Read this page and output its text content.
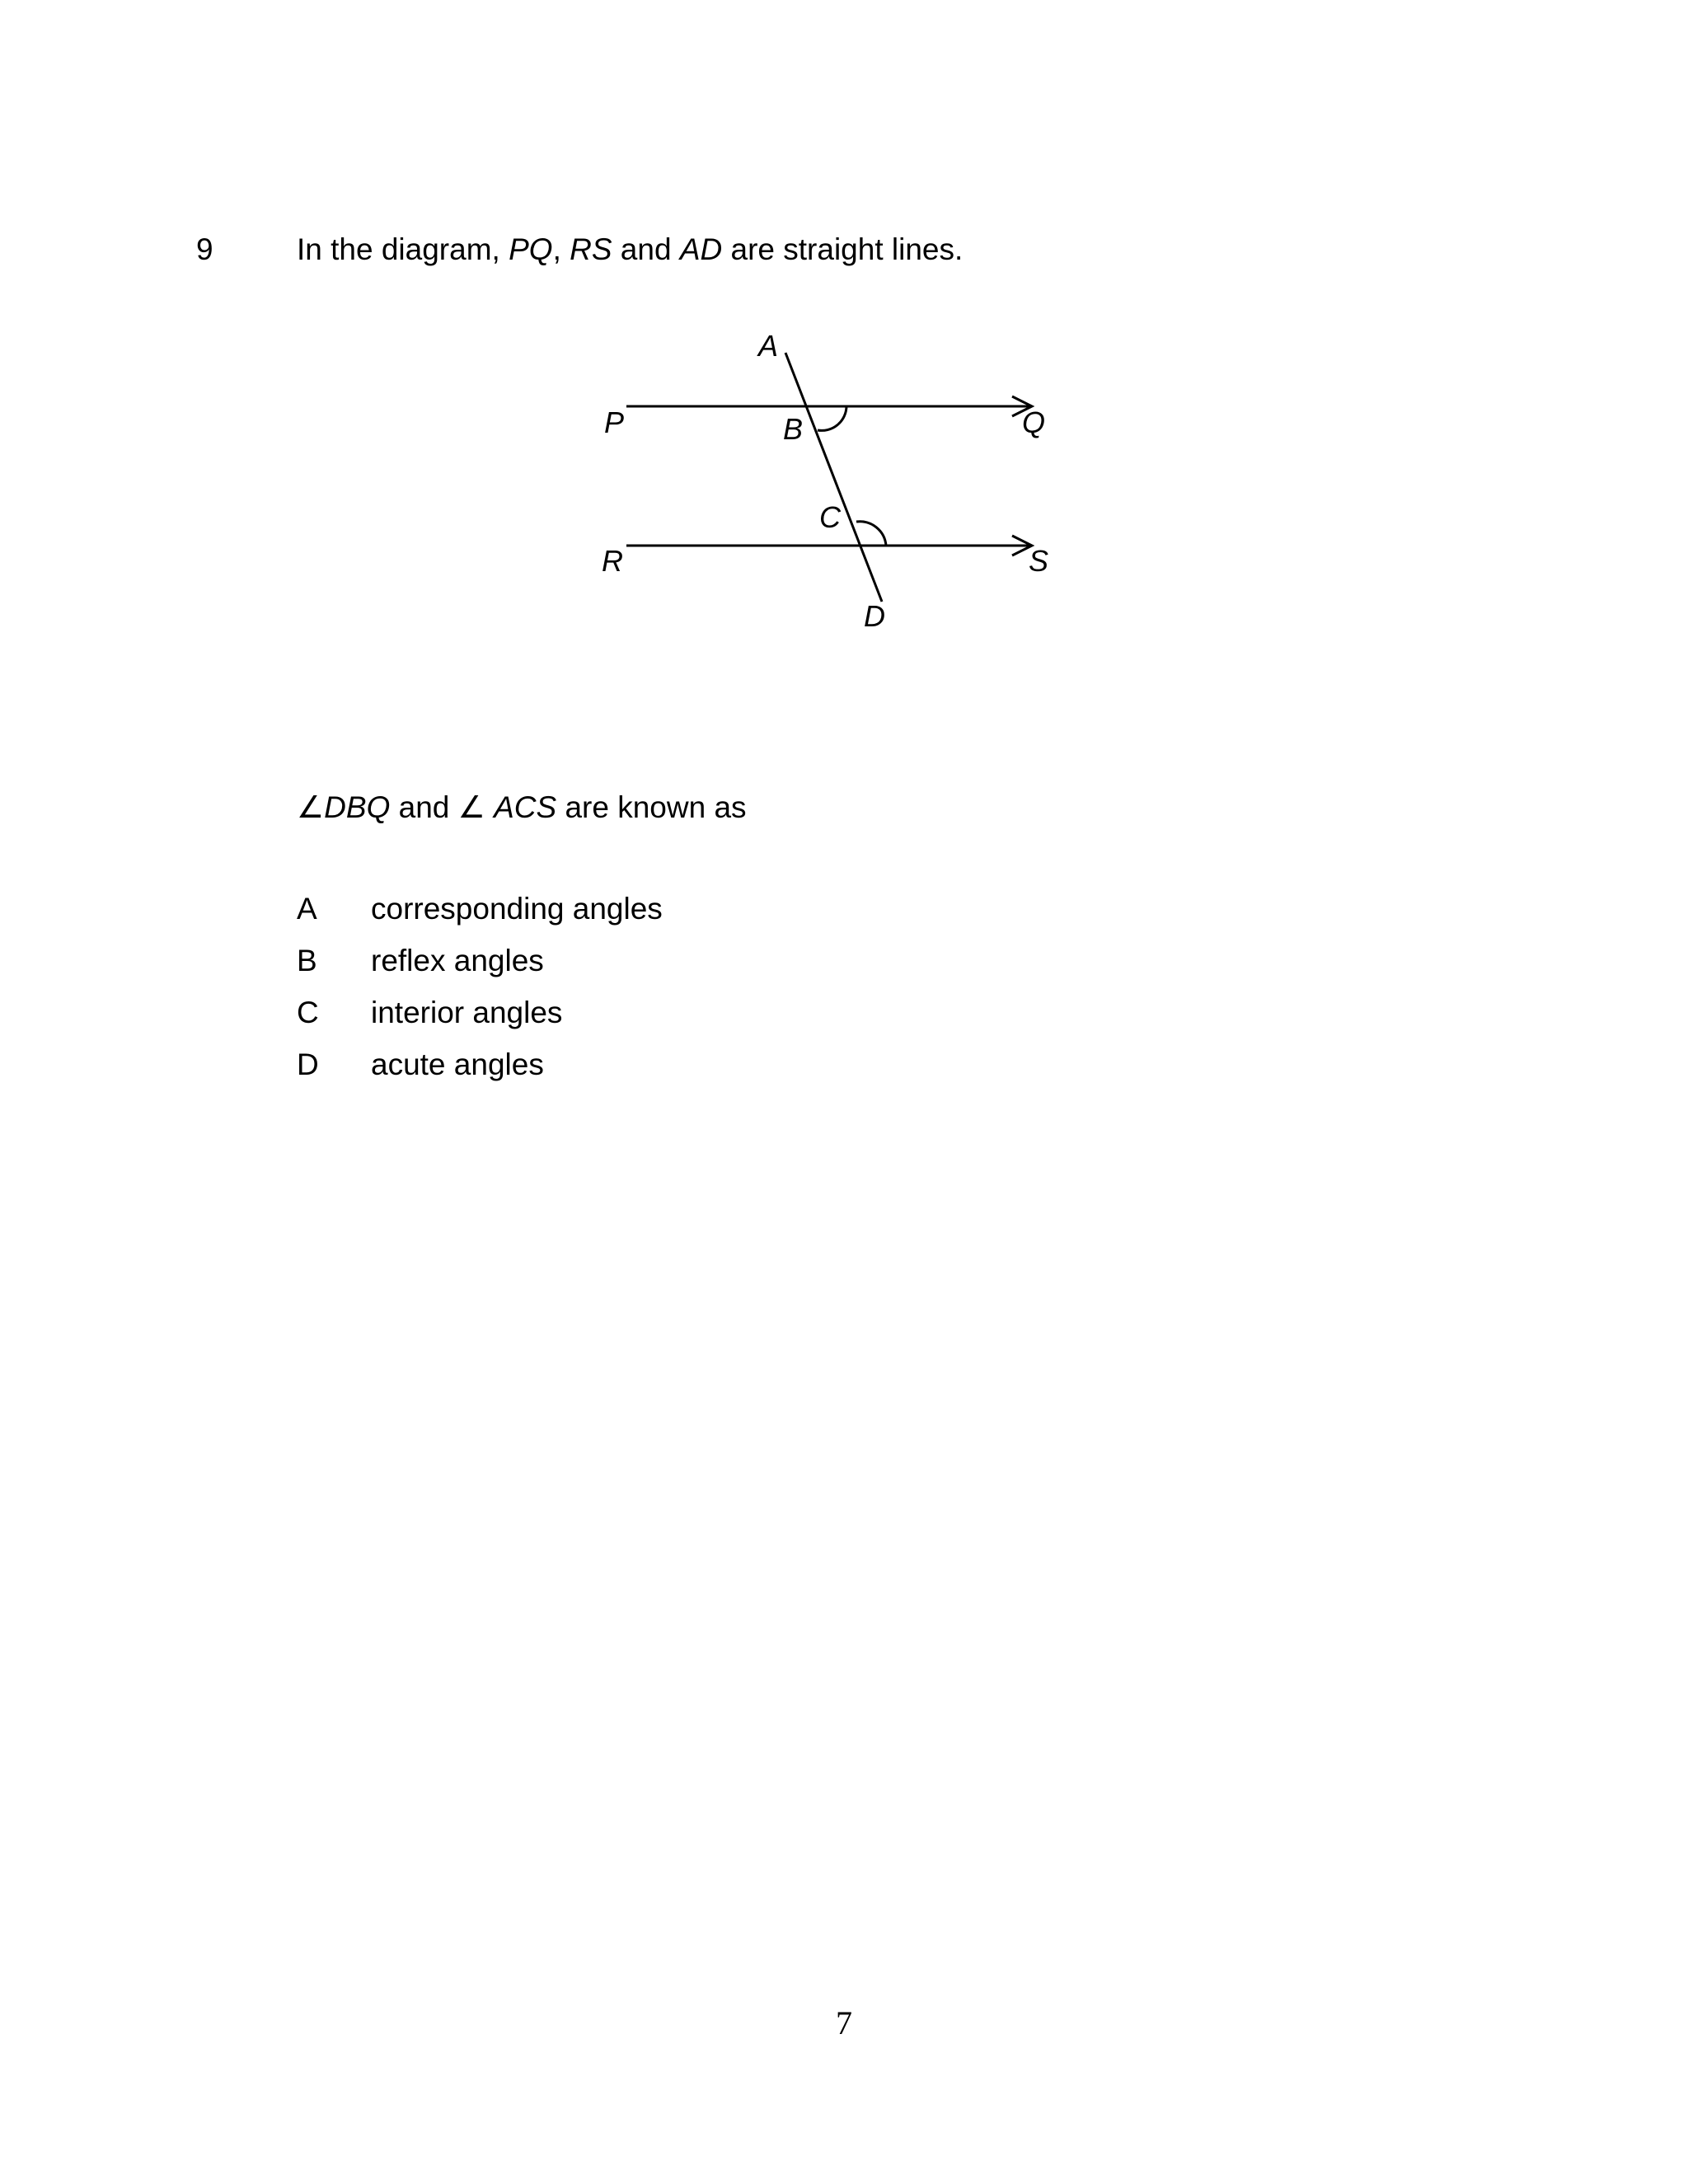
9	In the diagram, PQ, RS and AD are straight lines.
A
B
C
D
P	Q
R	S
∠DBQ and ∠ ACS are known as
A corresponding angles
B reflex angles
C interior angles
D acute angles
7
